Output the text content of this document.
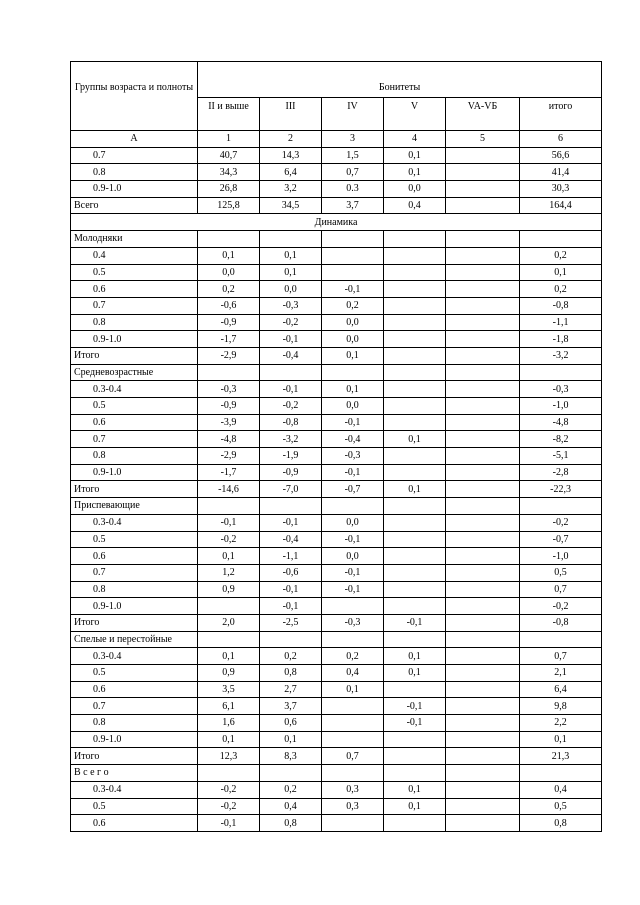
Группы возраста и полноты	Бонитеты					
	II и выше	III	IV	V	VA-VБ	итого
А	1	2	3	4	5	6
0.7	40,7	14,3	1,5	0,1		56,6
0.8	34,3	6,4	0,7	0,1		41,4
0.9-1.0	26,8	3,2	0.3	0,0		30,3
Всего	125,8	34,5	3,7	0,4		164,4
Динамика						
Молодняки						
0.4	0,1	0,1				0,2
0.5	0,0	0,1				0,1
0.6	0,2	0,0	-0,1			0,2
0.7	-0,6	-0,3	0,2			-0,8
0.8	-0,9	-0,2	0,0			-1,1
0.9-1.0	-1,7	-0,1	0,0			-1,8
Итого	-2,9	-0,4	0,1			-3,2
Средневозрастные						
0.3-0.4	-0,3	-0,1	0,1			-0,3
0.5	-0,9	-0,2	0,0			-1,0
0.6	-3,9	-0,8	-0,1			-4,8
0.7	-4,8	-3,2	-0,4	0,1		-8,2
0.8	-2,9	-1,9	-0,3			-5,1
0.9-1.0	-1,7	-0,9	-0,1			-2,8
Итого	-14,6	-7,0	-0,7	0,1		-22,3
Приспевающие						
0.3-0.4	-0,1	-0,1	0,0			-0,2
0.5	-0,2	-0,4	-0,1			-0,7
0.6	0,1	-1,1	0,0			-1,0
0.7	1,2	-0,6	-0,1			0,5
0.8	0,9	-0,1	-0,1			0,7
0.9-1.0		-0,1				-0,2
Итого	2,0	-2,5	-0,3	-0,1		-0,8
Спелые и перестойные						
0.3-0.4	0,1	0,2	0,2	0,1		0,7
0.5	0,9	0,8	0,4	0,1		2,1
0.6	3,5	2,7	0,1			6,4
0.7	6,1	3,7		-0,1		9,8
0.8	1,6	0,6		-0,1		2,2
0.9-1.0	0,1	0,1				0,1
Итого	12,3	8,3	0,7			21,3
В с е г о						
0.3-0.4	-0,2	0,2	0,3	0,1		0,4
0.5	-0,2	0,4	0,3	0,1		0,5
0.6	-0,1	0,8				0,8
